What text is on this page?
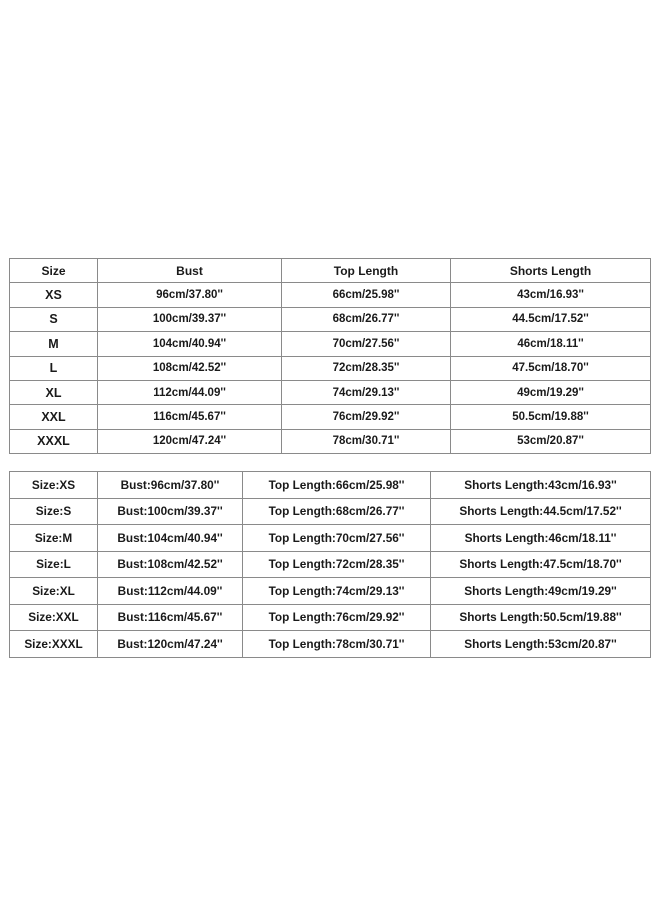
Size	Bust	Top Length	Shorts Length
XS	96cm/37.80''	66cm/25.98''	43cm/16.93''
S	100cm/39.37''	68cm/26.77''	44.5cm/17.52''
M	104cm/40.94''	70cm/27.56''	46cm/18.11''
L	108cm/42.52''	72cm/28.35''	47.5cm/18.70''
XL	112cm/44.09''	74cm/29.13''	49cm/19.29''
XXL	116cm/45.67''	76cm/29.92''	50.5cm/19.88''
XXXL	120cm/47.24''	78cm/30.71''	53cm/20.87''
Size:XS	Bust:96cm/37.80''	Top Length:66cm/25.98''	Shorts Length:43cm/16.93''
Size:S	Bust:100cm/39.37''	Top Length:68cm/26.77''	Shorts Length:44.5cm/17.52''
Size:M	Bust:104cm/40.94''	Top Length:70cm/27.56''	Shorts Length:46cm/18.11''
Size:L	Bust:108cm/42.52''	Top Length:72cm/28.35''	Shorts Length:47.5cm/18.70''
Size:XL	Bust:112cm/44.09''	Top Length:74cm/29.13''	Shorts Length:49cm/19.29''
Size:XXL	Bust:116cm/45.67''	Top Length:76cm/29.92''	Shorts Length:50.5cm/19.88''
Size:XXXL	Bust:120cm/47.24''	Top Length:78cm/30.71''	Shorts Length:53cm/20.87''
